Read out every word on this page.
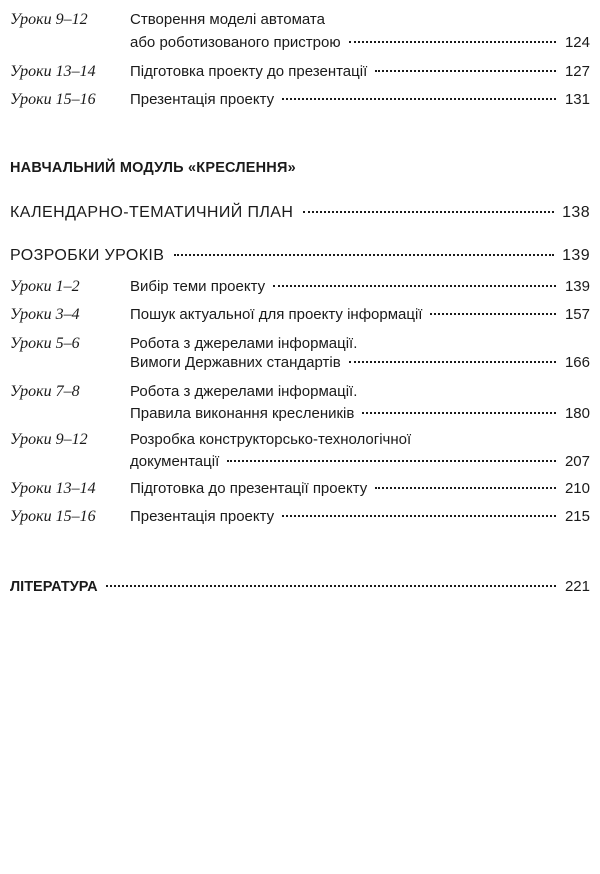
Уроки 9–12	Створення моделі автомата
або роботизованого пристрою	124
Уроки 13–14 Підготовка проекту до презентації	127
Уроки 15–16 Презентація проекту	131
НАВЧАЛЬНИЙ МОДУЛЬ «КРЕСЛЕННЯ»
КАЛЕНДАРНО-ТЕМАТИЧНИЙ ПЛАН	138
РОЗРОБКИ УРОКІВ	139
Уроки 1–2	Вибір теми проекту	139
Уроки 3–4	Пошук актуальної для проекту інформації	157
Уроки 5–6	Робота з джерелами інформації.
Вимоги Державних стандартів	166
Уроки 7–8	Робота з джерелами інформації.
Правила виконання креслеників	180
Уроки 9–12	Розробка конструкторсько-технологічної
документації	207
Уроки 13–14 Підготовка до презентації проекту	210
Уроки 15–16 Презентація проекту	215
ЛІТЕРАТУРА	221
